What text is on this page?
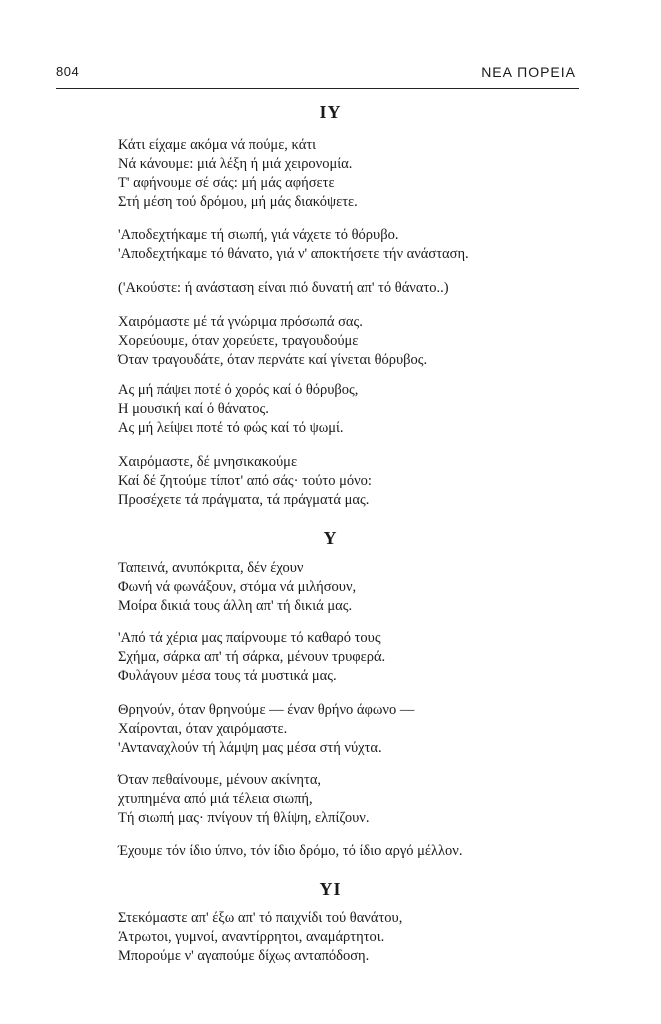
804	ΝΕΑ ΠΟΡΕΙΑ
ΙΥ
Κάτι είχαμε ακόμα νά πούμε, κάτι
Νά κάνουμε: μιά λέξη ή μιά χειρονομία.
Τ' αφήνουμε σέ σάς: μή μάς αφήσετε
Στή μέση τού δρόμου, μή μάς διακόψετε.
'Αποδεχτήκαμε τή σιωπή, γιά νάχετε τό θόρυβο.
'Αποδεχτήκαμε τό θάνατο, γιά ν' αποκτήσετε τήν ανάσταση.
('Ακούστε: ή ανάσταση είναι πιό δυνατή απ' τό θάνατο..)
Χαιρόμαστε μέ τά γνώριμα πρόσωπά σας.
Χορεύουμε, όταν χορεύετε, τραγουδούμε
Όταν τραγουδάτε, όταν περνάτε καί γίνεται θόρυβος.
Ας μή πάψει ποτέ ό χορός καί ό θόρυβος,
Η μουσική καί ό θάνατος.
Ας μή λείψει ποτέ τό φώς καί τό ψωμί.
Χαιρόμαστε, δέ μνησικακούμε
Καί δέ ζητούμε τίποτ' από σάς· τούτο μόνο:
Προσέχετε τά πράγματα, τά πράγματά μας.
Υ
Ταπεινά, ανυπόκριτα, δέν έχουν
Φωνή νά φωνάξουν, στόμα νά μιλήσουν,
Μοίρα δικιά τους άλλη απ' τή δικιά μας.
'Από τά χέρια μας παίρνουμε τό καθαρό τους
Σχήμα, σάρκα απ' τή σάρκα, μένουν τρυφερά.
Φυλάγουν μέσα τους τά μυστικά μας.
Θρηνούν, όταν θρηνούμε — έναν θρήνο άφωνο —
Χαίρονται, όταν χαιρόμαστε.
'Ανταναχλούν τή λάμψη μας μέσα στή νύχτα.
Όταν πεθαίνουμε, μένουν ακίνητα,
χτυπημένα από μιά τέλεια σιωπή,
Τή σιωπή μας· πνίγουν τή θλίψη, ελπίζουν.
Έχουμε τόν ίδιο ύπνο, τόν ίδιο δρόμο, τό ίδιο αργό μέλλον.
ΥΙ
Στεκόμαστε απ' έξω απ' τό παιχνίδι τού θανάτου,
Άτρωτοι, γυμνοί, αναντίρρητοι, αναμάρτητοι.
Μπορούμε ν' αγαπούμε δίχως ανταπόδοση.
